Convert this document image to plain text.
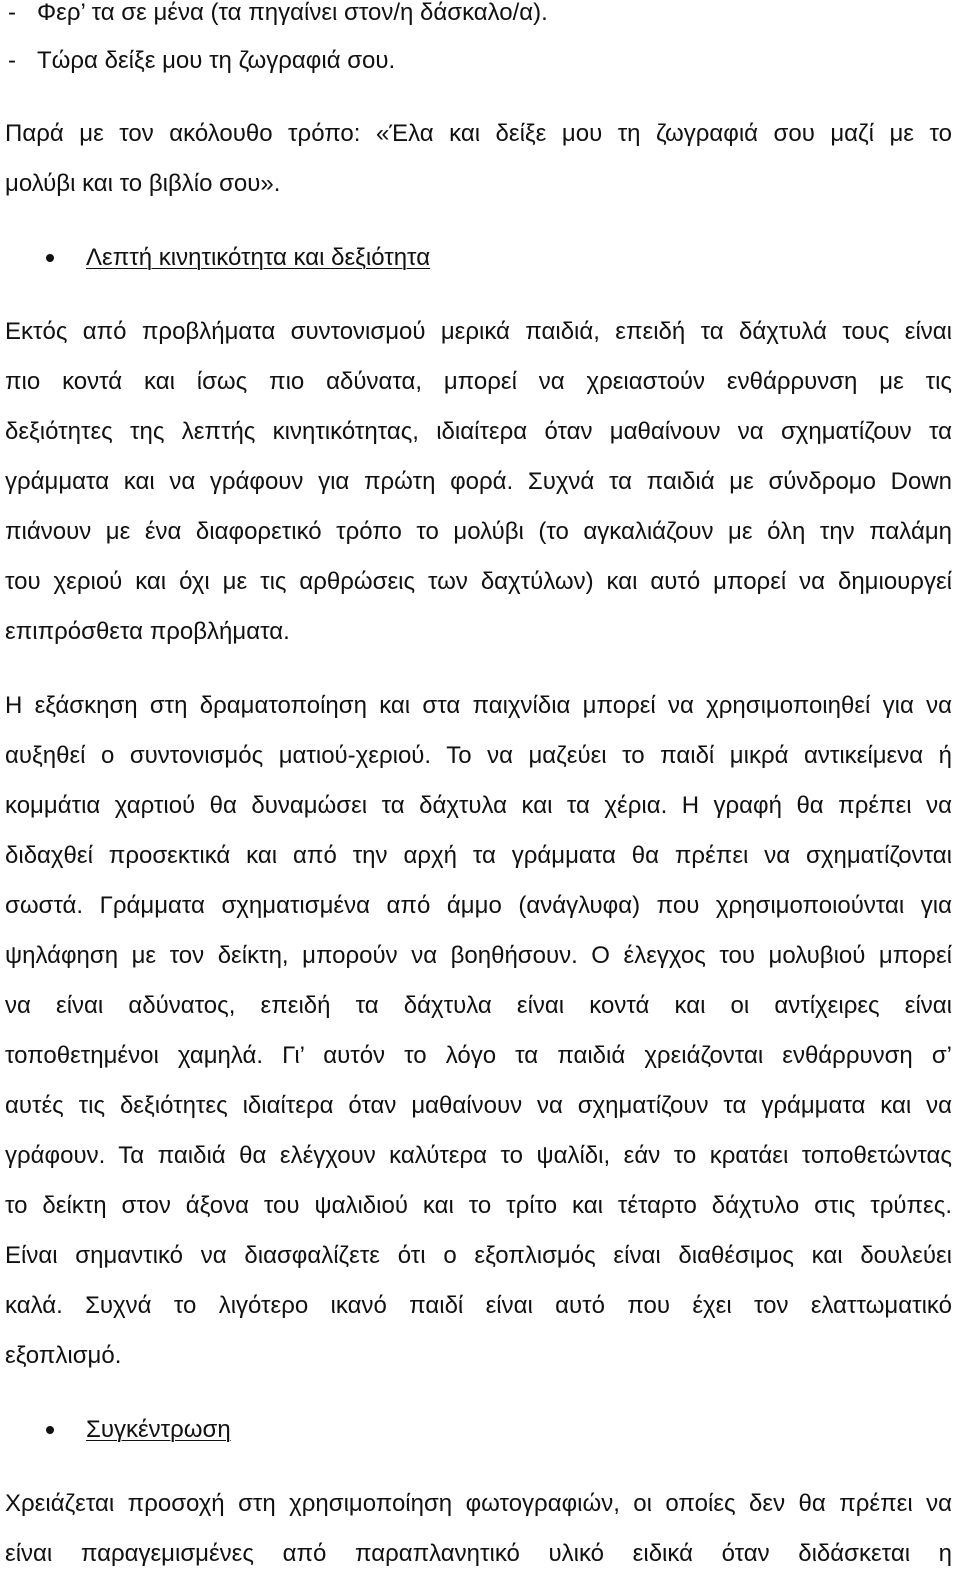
- Φερ’ τα σε μένα (τα πηγαίνει στον/η δάσκαλο/α).
- Τώρα δείξε μου τη ζωγραφιά σου.
Παρά με τον ακόλουθο τρόπο: «Έλα και δείξε μου τη ζωγραφιά σου μαζί με το
μολύβι και το βιβλίο σου».
Λεπτή κινητικότητα και δεξιότητα
Εκτός από προβλήματα συντονισμού μερικά παιδιά, επειδή τα δάχτυλά τους είναι
πιο κοντά και ίσως πιο αδύνατα, μπορεί να χρειαστούν ενθάρρυνση με τις
δεξιότητες της λεπτής κινητικότητας, ιδιαίτερα όταν μαθαίνουν να σχηματίζουν τα
γράμματα και να γράφουν για πρώτη φορά. Συχνά τα παιδιά με σύνδρομο Down
πιάνουν με ένα διαφορετικό τρόπο το μολύβι (το αγκαλιάζουν με όλη την παλάμη
του χεριού και όχι με τις αρθρώσεις των δαχτύλων) και αυτό μπορεί να δημιουργεί
επιπρόσθετα προβλήματα.
Η εξάσκηση στη δραματοποίηση και στα παιχνίδια μπορεί να χρησιμοποιηθεί για να
αυξηθεί ο συντονισμός ματιού-χεριού. Το να μαζεύει το παιδί μικρά αντικείμενα ή
κομμάτια χαρτιού θα δυναμώσει τα δάχτυλα και τα χέρια. Η γραφή θα πρέπει να
διδαχθεί προσεκτικά και από την αρχή τα γράμματα θα πρέπει να σχηματίζονται
σωστά. Γράμματα σχηματισμένα από άμμο (ανάγλυφα) που χρησιμοποιούνται για
ψηλάφηση με τον δείκτη, μπορούν να βοηθήσουν. Ο έλεγχος του μολυβιού μπορεί
να είναι αδύνατος, επειδή τα δάχτυλα είναι κοντά και οι αντίχειρες είναι
τοποθετημένοι χαμηλά. Γι’ αυτόν το λόγο τα παιδιά χρειάζονται ενθάρρυνση σ’
αυτές τις δεξιότητες ιδιαίτερα όταν μαθαίνουν να σχηματίζουν τα γράμματα και να
γράφουν. Τα παιδιά θα ελέγχουν καλύτερα το ψαλίδι, εάν το κρατάει τοποθετώντας
το δείκτη στον άξονα του ψαλιδιού και το τρίτο και τέταρτο δάχτυλο στις τρύπες.
Είναι σημαντικό να διασφαλίζετε ότι ο εξοπλισμός είναι διαθέσιμος και δουλεύει
καλά. Συχνά το λιγότερο ικανό παιδί είναι αυτό που έχει τον ελαττωματικό
εξοπλισμό.
Συγκέντρωση
Χρειάζεται προσοχή στη χρησιμοποίηση φωτογραφιών, οι οποίες δεν θα πρέπει να
είναι παραγεμισμένες από παραπλανητικό υλικό ειδικά όταν διδάσκεται η
